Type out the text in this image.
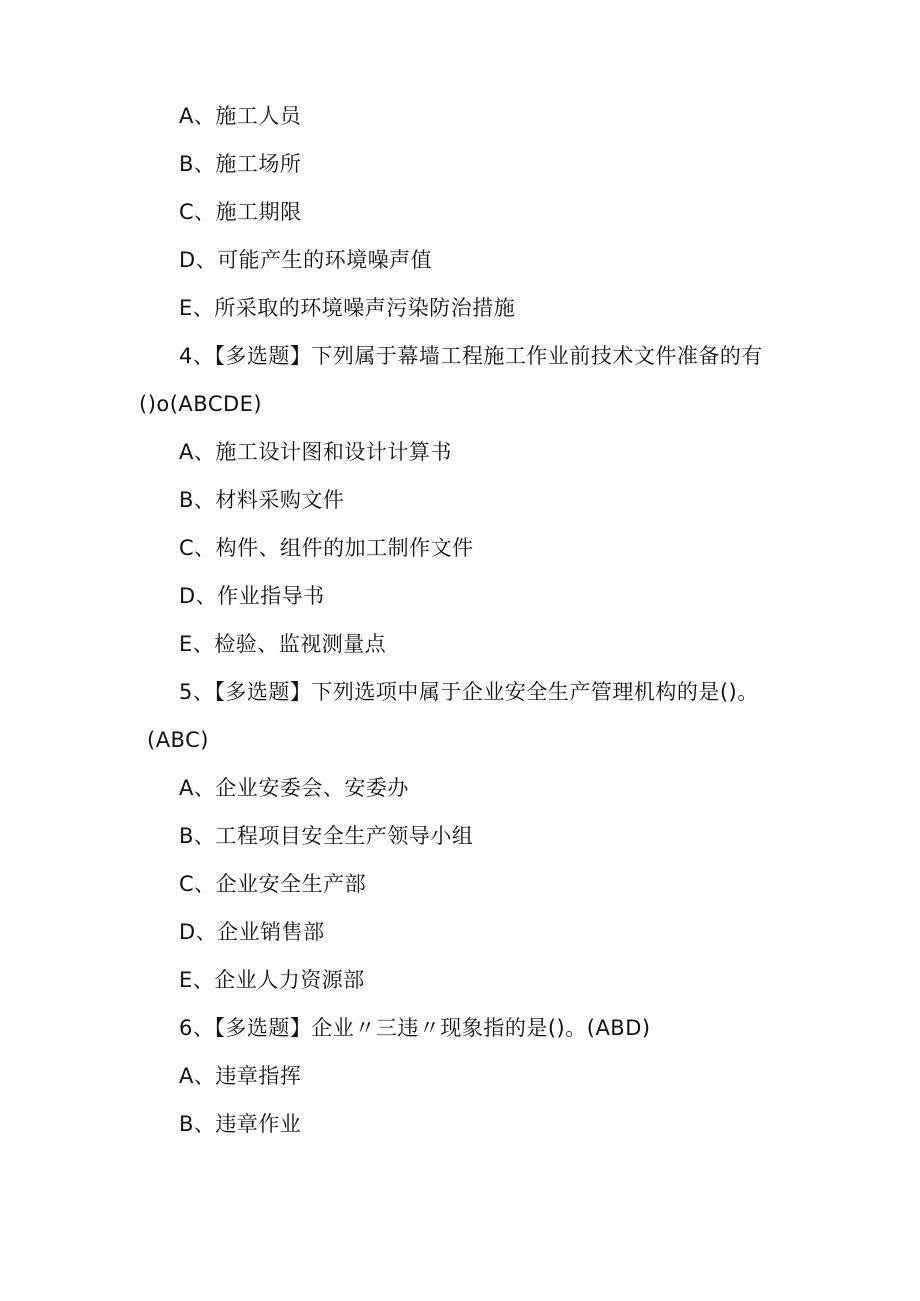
A、施工人员
B、施工场所
C、施工期限
D、可能产生的环境噪声值
E、所采取的环境噪声污染防治措施
4、【多选题】下列属于幕墙工程施工作业前技术文件准备的有
()o(ABCDE)
A、施工设计图和设计计算书
B、材料采购文件
C、构件、组件的加工制作文件
D、作业指导书
E、检验、监视测量点
5、【多选题】下列选项中属于企业安全生产管理机构的是()。
(ABC)
A、企业安委会、安委办
B、工程项目安全生产领导小组
C、企业安全生产部
D、企业销售部
E、企业人力资源部
6、【多选题】企业〃三违〃现象指的是()。(ABD)
A、违章指挥
B、违章作业
